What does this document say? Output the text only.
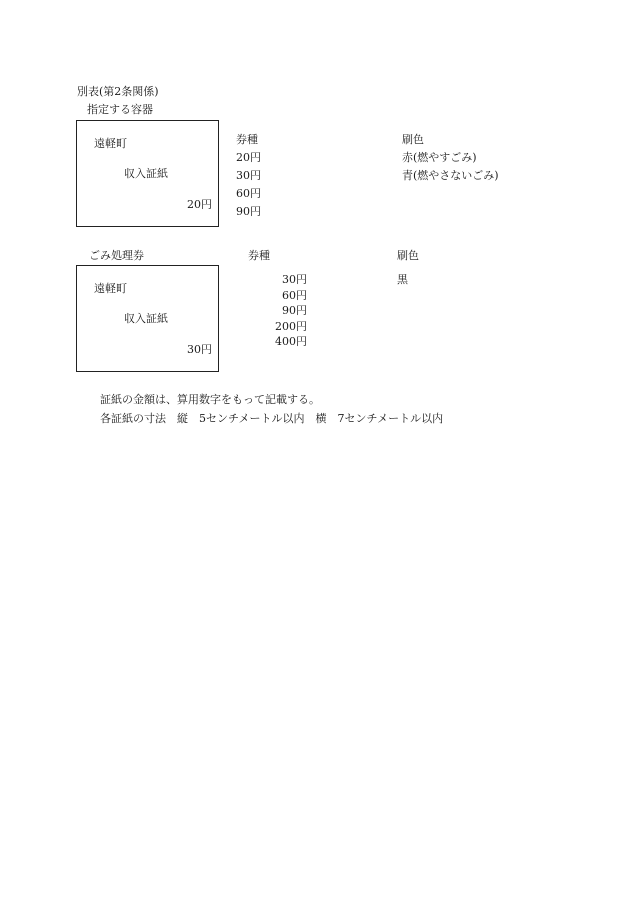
別表(第2条関係)
指定する容器
遠軽町
収入証紙
20円
券種
20円
30円
60円
90円
刷色
赤(燃やすごみ)
青(燃やさないごみ)
ごみ処理券
遠軽町
収入証紙
30円
券種
30円
60円
90円
200円
400円
刷色
黒
証紙の金額は、算用数字をもって記載する。
各証紙の寸法　縦　5センチメートル以内　横　7センチメートル以内
